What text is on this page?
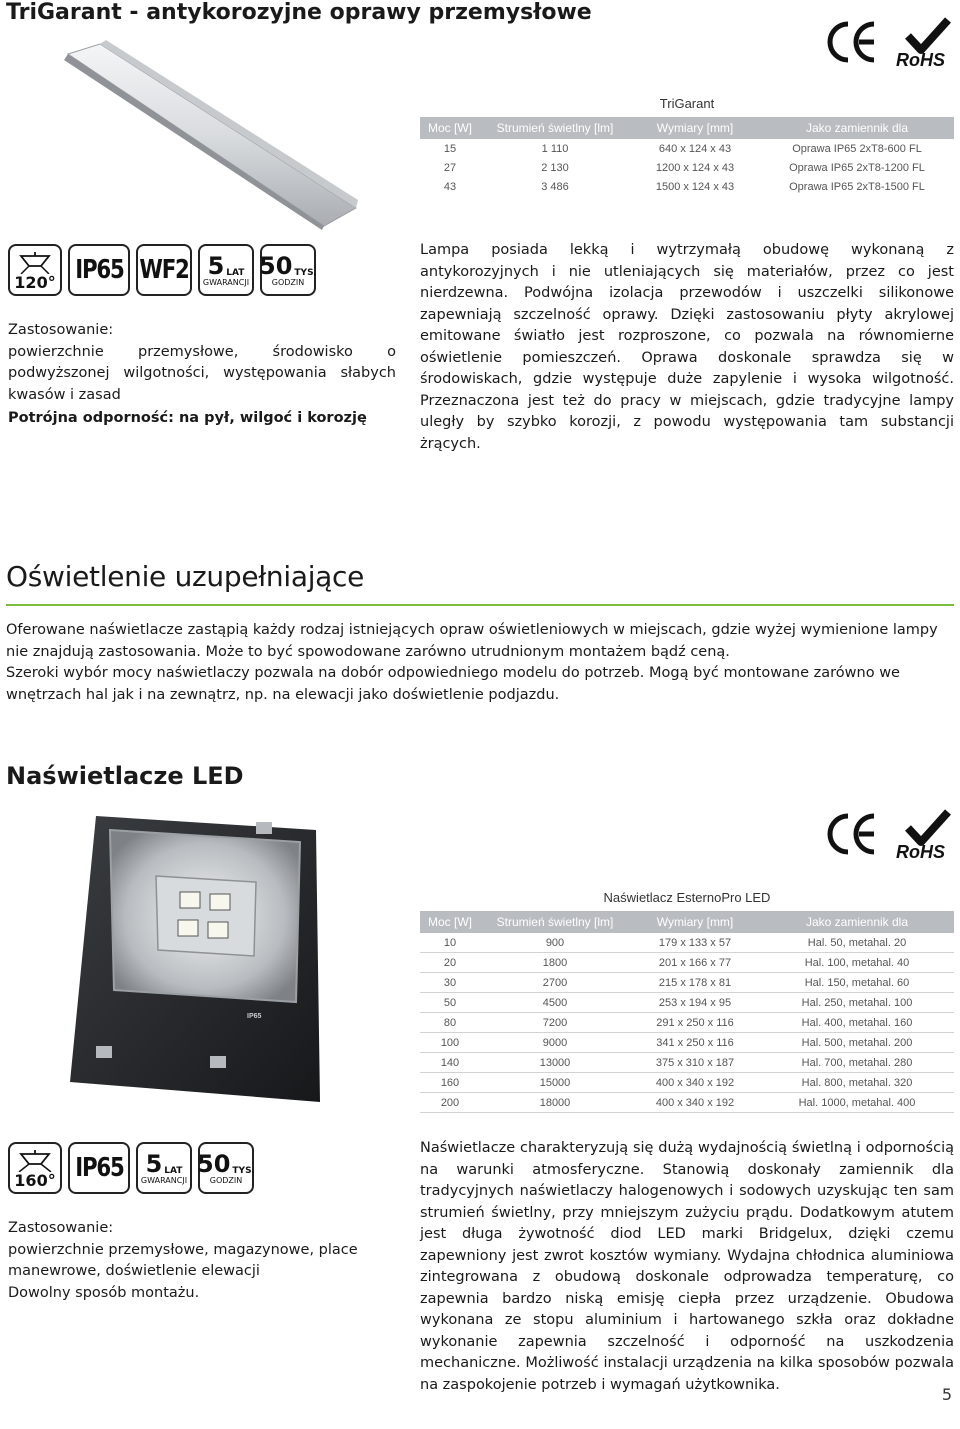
TriGarant - antykorozyjne oprawy przemysłowe
RoHS
TriGarant
Moc [W]	Strumień świetlny [lm]	Wymiary [mm]	Jako zamiennik dla
15	1 110	640 x 124 x 43	Oprawa IP65 2xT8-600 FL
27	2 130	1200 x 124 x 43	Oprawa IP65 2xT8-1200 FL
43	3 486	1500 x 124 x 43	Oprawa IP65 2xT8-1500 FL
120° IP65 WF2 5 LAT
GWARANCJI
50 TYS.
GODZIN
Zastosowanie:
powierzchnie przemysłowe, środowisko o podwyższonej wilgotności, występowania słabych kwasów i zasad
Potrójna odporność: na pył, wilgoć i korozję
Lampa posiada lekką i wytrzymałą obudowę wykonaną z antykorozyjnych i nie utleniających się materiałów, przez co jest nierdzewna. Podwójna izolacja przewodów i uszczelki silikonowe zapewniają szczelność oprawy. Dzięki zastosowaniu płyty akrylowej emitowane światło jest rozproszone, co pozwala na równomierne oświetlenie pomieszczeń. Oprawa doskonale sprawdza się w środowiskach, gdzie występuje duże zapylenie i wysoka wilgotność. Przeznaczona jest też do pracy w miejscach, gdzie tradycyjne lampy uległy by szybko korozji, z powodu występowania tam substancji żrących.
Oświetlenie uzupełniające
Oferowane naświetlacze zastąpią każdy rodzaj istniejących opraw oświetleniowych w miejscach, gdzie wyżej wymienione lampy nie znajdują zastosowania. Może to być spowodowane zarówno utrudnionym montażem bądź ceną.
Szeroki wybór mocy naświetlaczy pozwala na dobór odpowiedniego modelu do potrzeb. Mogą być montowane zarówno we wnętrzach hal jak i na zewnątrz, np. na elewacji jako doświetlenie podjazdu.
Naświetlacze LED
RoHS
IP65
Naświetlacz EsternoPro LED
Moc [W]	Strumień świetlny [lm]	Wymiary [mm]	Jako zamiennik dla
10	900	179 x 133 x 57	Hal. 50, metahal. 20
20	1800	201 x 166 x 77	Hal. 100, metahal. 40
30	2700	215 x 178 x 81	Hal. 150, metahal. 60
50	4500	253 x 194 x 95	Hal. 250, metahal. 100
80	7200	291 x 250 x 116	Hal. 400, metahal. 160
100	9000	341 x 250 x 116	Hal. 500, metahal. 200
140	13000	375 x 310 x 187	Hal. 700, metahal. 280
160	15000	400 x 340 x 192	Hal. 800, metahal. 320
200	18000	400 x 340 x 192	Hal. 1000, metahal. 400
160° IP65 5 LAT
GWARANCJI
50 TYS.
GODZIN
Zastosowanie:
powierzchnie przemysłowe, magazynowe, place manewrowe, doświetlenie elewacji
Dowolny sposób montażu.
Naświetlacze charakteryzują się dużą wydajnością świetlną i odpornością na warunki atmosferyczne. Stanowią doskonały zamiennik dla tradycyjnych naświetlaczy halogenowych i sodowych uzyskując ten sam strumień świetlny, przy mniejszym zużyciu prądu. Dodatkowym atutem jest długa żywotność diod LED marki Bridgelux, dzięki czemu zapewniony jest zwrot kosztów wymiany. Wydajna chłodnica aluminiowa zintegrowana z obudową doskonale odprowadza temperaturę, co zapewnia bardzo niską emisję ciepła przez urządzenie. Obudowa wykonana ze stopu aluminium i hartowanego szkła oraz dokładne wykonanie zapewnia szczelność i odporność na uszkodzenia mechaniczne. Możliwość instalacji urządzenia na kilka sposobów pozwala na zaspokojenie potrzeb i wymagań użytkownika.
5
